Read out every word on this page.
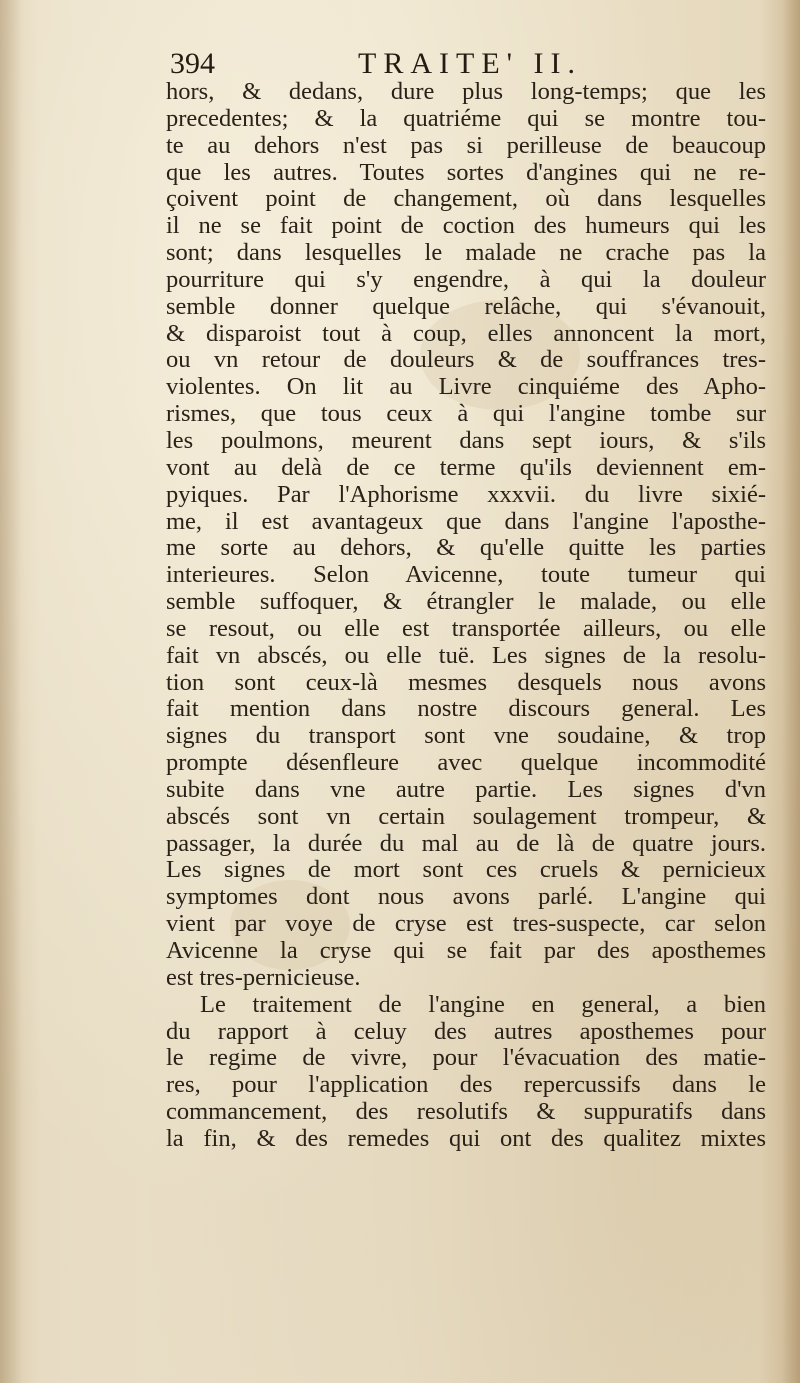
394	TRAITE' II.
hors, & dedans, dure plus long-temps; que les
precedentes; & la quatriéme qui se montre tou-
te au dehors n'est pas si perilleuse de beaucoup
que les autres. Toutes sortes d'angines qui ne re-
çoivent point de changement, où dans lesquelles
il ne se fait point de coction des humeurs qui les
sont; dans lesquelles le malade ne crache pas la
pourriture qui s'y engendre, à qui la douleur
semble donner quelque relâche, qui s'évanouit,
& disparoist tout à coup, elles annoncent la mort,
ou vn retour de douleurs & de souffrances tres-
violentes. On lit au Livre cinquiéme des Apho-
rismes, que tous ceux à qui l'angine tombe sur
les poulmons, meurent dans sept iours, & s'ils
vont au delà de ce terme qu'ils deviennent em-
pyiques. Par l'Aphorisme xxxvii. du livre sixié-
me, il est avantageux que dans l'angine l'aposthe-
me sorte au dehors, & qu'elle quitte les parties
interieures. Selon Avicenne, toute tumeur qui
semble suffoquer, & étrangler le malade, ou elle
se resout, ou elle est transportée ailleurs, ou elle
fait vn abscés, ou elle tuë. Les signes de la resolu-
tion sont ceux-là mesmes desquels nous avons
fait mention dans nostre discours general. Les
signes du transport sont vne soudaine, & trop
prompte désenfleure avec quelque incommodité
subite dans vne autre partie. Les signes d'vn
abscés sont vn certain soulagement trompeur, &
passager, la durée du mal au de là de quatre jours.
Les signes de mort sont ces cruels & pernicieux
symptomes dont nous avons parlé. L'angine qui
vient par voye de cryse est tres-suspecte, car selon
Avicenne la cryse qui se fait par des aposthemes
est tres-pernicieuse.
Le traitement de l'angine en general, a bien
du rapport à celuy des autres aposthemes pour
le regime de vivre, pour l'évacuation des matie-
res, pour l'application des repercussifs dans le
commancement, des resolutifs & suppuratifs dans
la fin, & des remedes qui ont des qualitez mixtes
